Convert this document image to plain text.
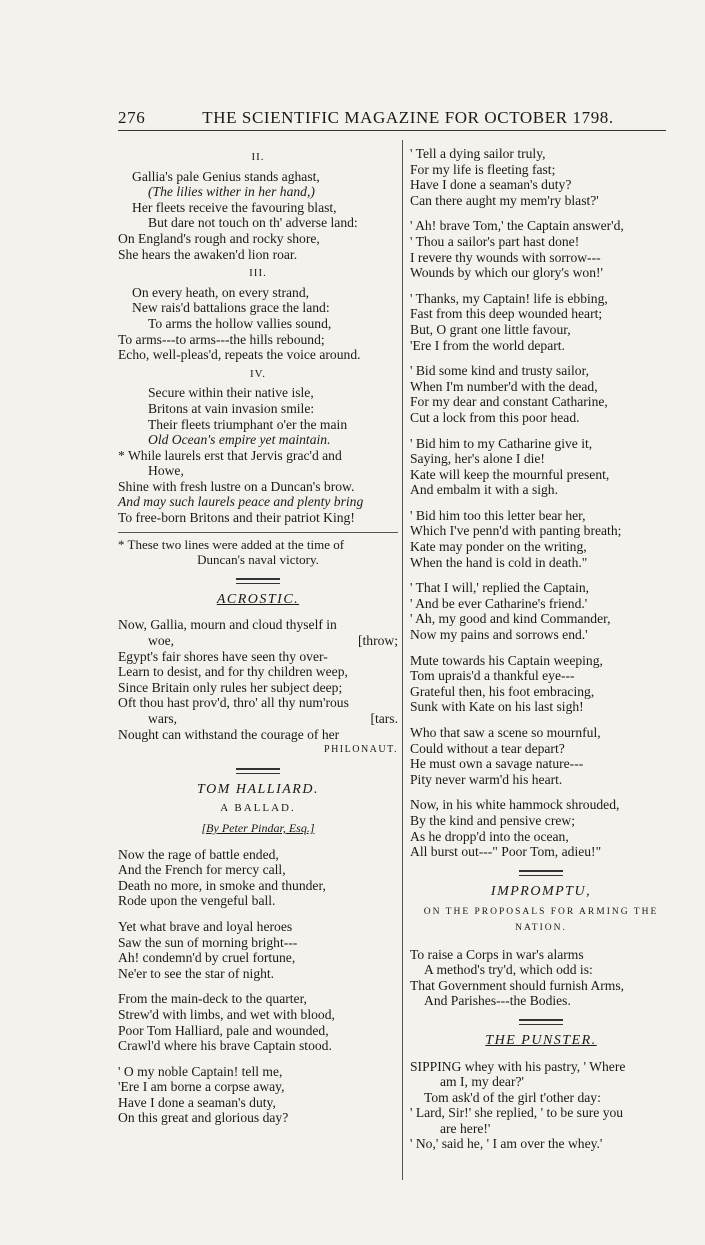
276	THE SCIENTIFIC MAGAZINE FOR OCTOBER 1798.
II.
Gallia's pale Genius stands aghast,
(The lilies wither in her hand,)
Her fleets receive the favouring blast,
But dare not touch on th' adverse land:
On England's rough and rocky shore,
She hears the awaken'd lion roar.
III.
On every heath, on every strand,
New rais'd battalions grace the land:
To arms the hollow vallies sound,
To arms---to arms---the hills rebound;
Echo, well-pleas'd, repeats the voice around.
IV.
Secure within their native isle,
Britons at vain invasion smile:
Their fleets triumphant o'er the main
Old Ocean's empire yet maintain.
* While laurels erst that Jervis grac'd and
Howe,
Shine with fresh lustre on a Duncan's brow.
And may such laurels peace and plenty bring
To free-born Britons and their patriot King!
* These two lines were added at the time of
Duncan's naval victory.
ACROSTIC.
Now, Gallia, mourn and cloud thyself in
woe,	[throw;
Egypt's fair shores have seen thy over-
Learn to desist, and for thy children weep,
Since Britain only rules her subject deep;
Oft thou hast prov'd, thro' all thy num'rous
wars,	[tars.
Nought can withstand the courage of her
PHILONAUT.
TOM HALLIARD.
A BALLAD.
[By Peter Pindar, Esq.]
Now the rage of battle ended,
And the French for mercy call,
Death no more, in smoke and thunder,
Rode upon the vengeful ball.
Yet what brave and loyal heroes
Saw the sun of morning bright---
Ah! condemn'd by cruel fortune,
Ne'er to see the star of night.
From the main-deck to the quarter,
Strew'd with limbs, and wet with blood,
Poor Tom Halliard, pale and wounded,
Crawl'd where his brave Captain stood.
' O my noble Captain! tell me,
'Ere I am borne a corpse away,
Have I done a seaman's duty,
On this great and glorious day?
' Tell a dying sailor truly,
For my life is fleeting fast;
Have I done a seaman's duty?
Can there aught my mem'ry blast?'
' Ah! brave Tom,' the Captain answer'd,
' Thou a sailor's part hast done!
I revere thy wounds with sorrow---
Wounds by which our glory's won!'
' Thanks, my Captain! life is ebbing,
Fast from this deep wounded heart;
But, O grant one little favour,
'Ere I from the world depart.
' Bid some kind and trusty sailor,
When I'm number'd with the dead,
For my dear and constant Catharine,
Cut a lock from this poor head.
' Bid him to my Catharine give it,
Saying, her's alone I die!
Kate will keep the mournful present,
And embalm it with a sigh.
' Bid him too this letter bear her,
Which I've penn'd with panting breath;
Kate may ponder on the writing,
When the hand is cold in death."
' That I will,' replied the Captain,
' And be ever Catharine's friend.'
' Ah, my good and kind Commander,
Now my pains and sorrows end.'
Mute towards his Captain weeping,
Tom uprais'd a thankful eye---
Grateful then, his foot embracing,
Sunk with Kate on his last sigh!
Who that saw a scene so mournful,
Could without a tear depart?
He must own a savage nature---
Pity never warm'd his heart.
Now, in his white hammock shrouded,
By the kind and pensive crew;
As he dropp'd into the ocean,
All burst out---" Poor Tom, adieu!"
IMPROMPTU,
ON THE PROPOSALS FOR ARMING THE
NATION.
To raise a Corps in war's alarms
A method's try'd, which odd is:
That Government should furnish Arms,
And Parishes---the Bodies.
THE PUNSTER.
SIPPING whey with his pastry, ' Where
am I, my dear?'
Tom ask'd of the girl t'other day:
' Lard, Sir!' she replied, ' to be sure you
are here!'
' No,' said he, ' I am over the whey.'
